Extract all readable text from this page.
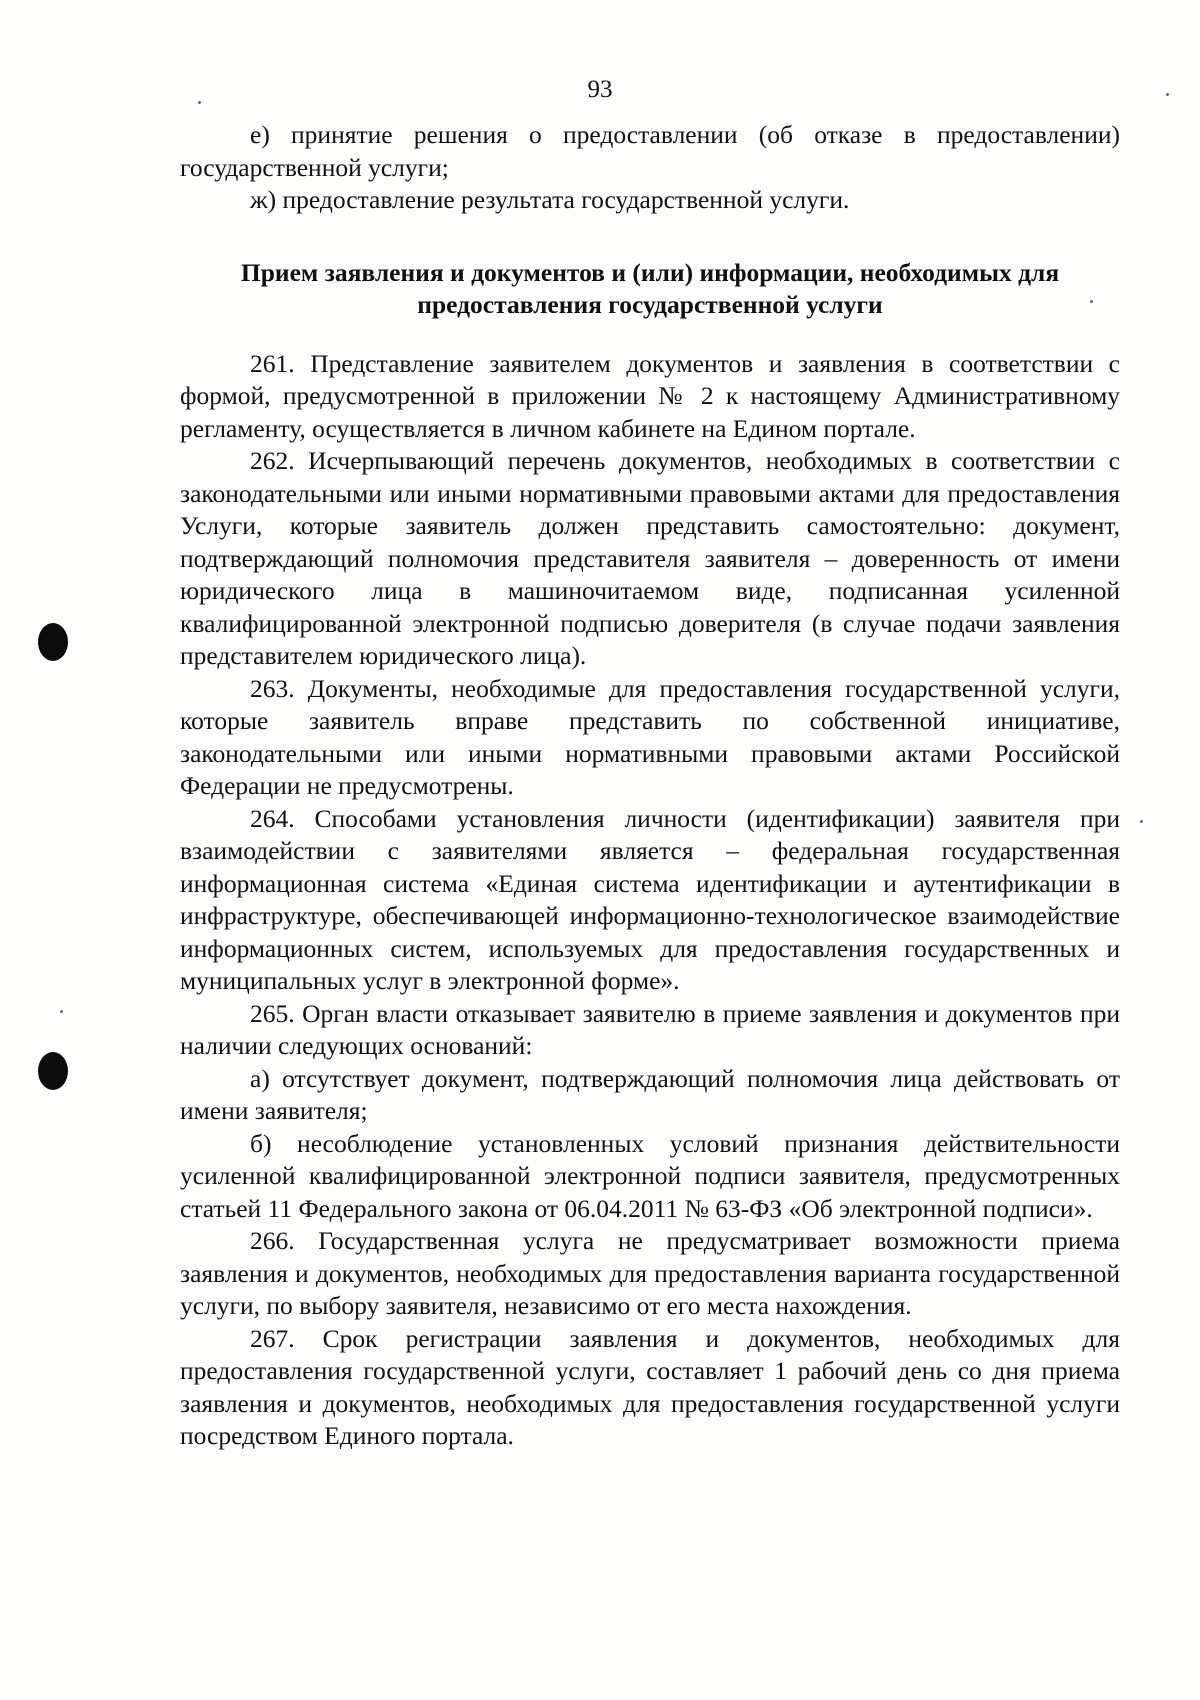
93

е) принятие решения о предоставлении (об отказе в предоставлении) государственной услуги;

ж) предоставление результата государственной услуги.

Прием заявления и документов и (или) информации, необходимых для предоставления государственной услуги

261. Представление заявителем документов и заявления в соответствии с формой, предусмотренной в приложении № 2 к настоящему Административному регламенту, осуществляется в личном кабинете на Едином портале.

262. Исчерпывающий перечень документов, необходимых в соответствии с законодательными или иными нормативными правовыми актами для предоставления Услуги, которые заявитель должен представить самостоятельно: документ, подтверждающий полномочия представителя заявителя – доверенность от имени юридического лица в машиночитаемом виде, подписанная усиленной квалифицированной электронной подписью доверителя (в случае подачи заявления представителем юридического лица).

263. Документы, необходимые для предоставления государственной услуги, которые заявитель вправе представить по собственной инициативе, законодательными или иными нормативными правовыми актами Российской Федерации не предусмотрены.

264. Способами установления личности (идентификации) заявителя при взаимодействии с заявителями является – федеральная государственная информационная система «Единая система идентификации и аутентификации в инфраструктуре, обеспечивающей информационно-технологическое взаимодействие информационных систем, используемых для предоставления государственных и муниципальных услуг в электронной форме».

265. Орган власти отказывает заявителю в приеме заявления и документов при наличии следующих оснований:

а) отсутствует документ, подтверждающий полномочия лица действовать от имени заявителя;

б) несоблюдение установленных условий признания действительности усиленной квалифицированной электронной подписи заявителя, предусмотренных статьей 11 Федерального закона от 06.04.2011 № 63-ФЗ «Об электронной подписи».

266. Государственная услуга не предусматривает возможности приема заявления и документов, необходимых для предоставления варианта государственной услуги, по выбору заявителя, независимо от его места нахождения.

267. Срок регистрации заявления и документов, необходимых для предоставления государственной услуги, составляет 1 рабочий день со дня приема заявления и документов, необходимых для предоставления государственной услуги посредством Единого портала.
